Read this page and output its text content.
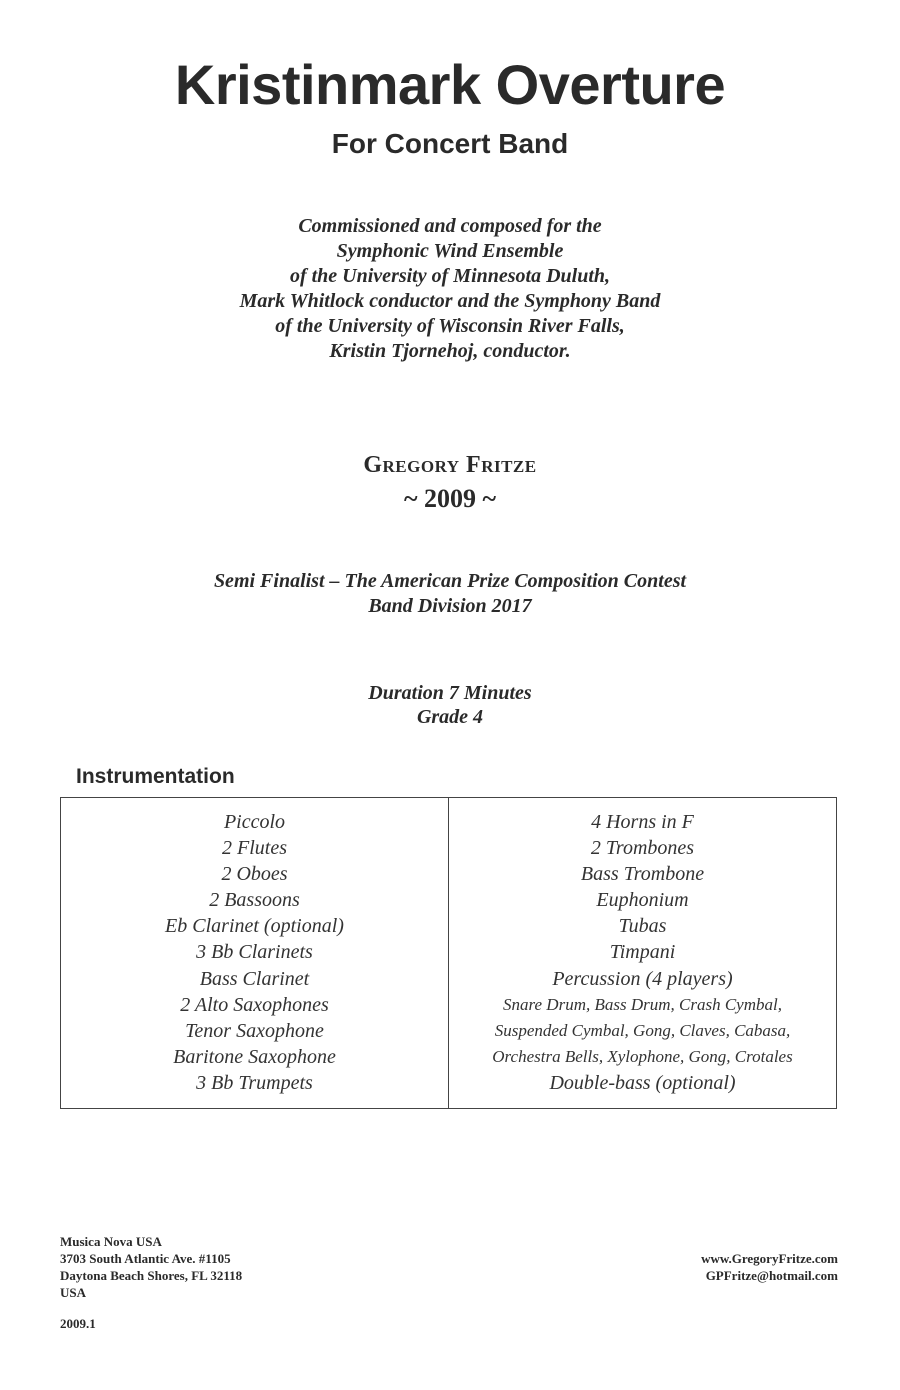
Kristinmark Overture
For Concert Band
Commissioned and composed for the
Symphonic Wind Ensemble
of the University of Minnesota Duluth,
Mark Whitlock conductor and the Symphony Band
of the University of Wisconsin River Falls,
Kristin Tjornehoj, conductor.
Gregory Fritze
~ 2009 ~
Semi Finalist – The American Prize Composition Contest
Band Division 2017
Duration 7 Minutes
Grade 4
Instrumentation
Piccolo
2 Flutes
2 Oboes
2 Bassoons
Eb Clarinet (optional)
3 Bb Clarinets
Bass Clarinet
2 Alto Saxophones
Tenor Saxophone
Baritone Saxophone
3 Bb Trumpets
4 Horns in F
2 Trombones
Bass Trombone
Euphonium
Tubas
Timpani
Percussion (4 players)
Snare Drum, Bass Drum, Crash Cymbal,
Suspended Cymbal, Gong, Claves, Cabasa,
Orchestra Bells, Xylophone, Gong, Crotales
Double-bass (optional)
Musica Nova USA
3703 South Atlantic Ave. #1105
Daytona Beach Shores, FL 32118
USA
www.GregoryFritze.com
GPFritze@hotmail.com
2009.1
